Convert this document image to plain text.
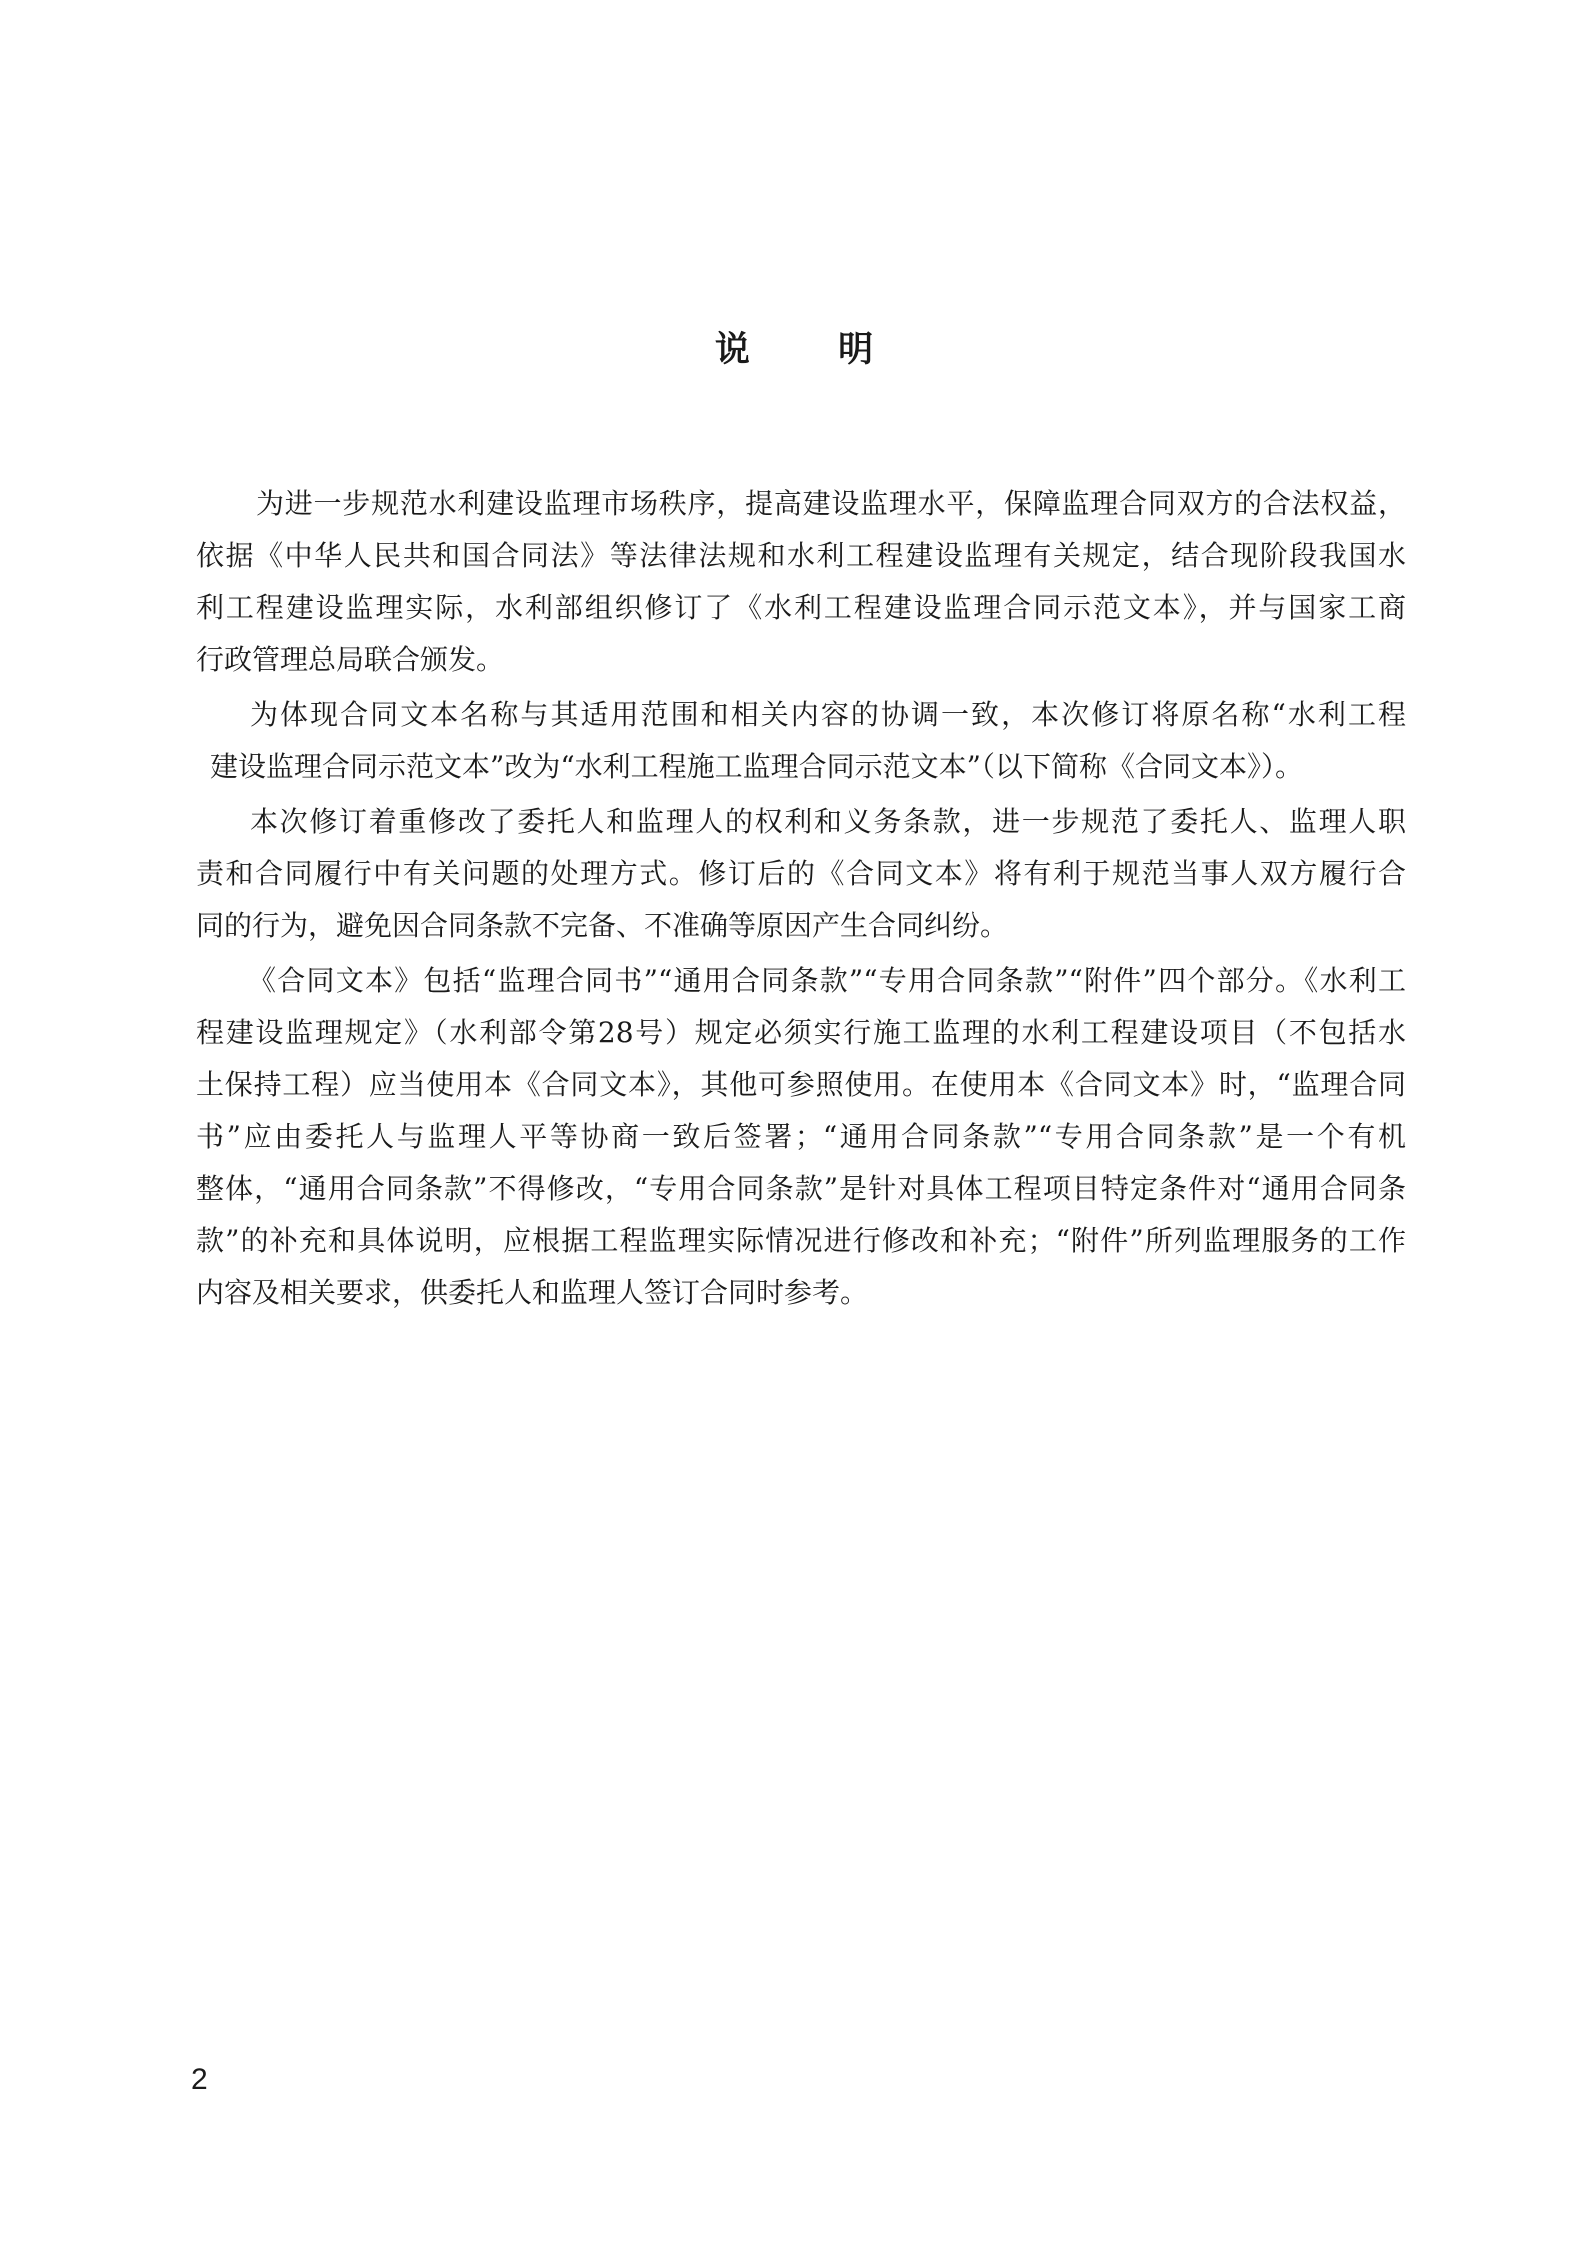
说 明

为进一步规范水利建设监理市场秩序，提高建设监理水平，保障监理合同双方的合法权益，

依据《中华人民共和国合同法》等法律法规和水利工程建设监理有关规定，结合现阶段我国水

利工程建设监理实际，水利部组织修订了《水利工程建设监理合同示范文本》，并与国家工商

行政管理总局联合颁发。

为体现合同文本名称与其适用范围和相关内容的协调一致，本次修订将原名称“水利工程

建设监理合同示范文本”改为“水利工程施工监理合同示范文本”（以下简称《合同文本》）。

本次修订着重修改了委托人和监理人的权利和义务条款，进一步规范了委托人、监理人职

责和合同履行中有关问题的处理方式。修订后的《合同文本》将有利于规范当事人双方履行合

同的行为，避免因合同条款不完备、不准确等原因产生合同纠纷。

《合同文本》包括“监理合同书”“通用合同条款”“专用合同条款”“附件”四个部分。《水利工

程建设监理规定》（水利部令第28号）规定必须实行施工监理的水利工程建设项目（不包括水

土保持工程）应当使用本《合同文本》，其他可参照使用。在使用本《合同文本》时，“监理合同

书”应由委托人与监理人平等协商一致后签署；“通用合同条款”“专用合同条款”是一个有机

整体，“通用合同条款”不得修改，“专用合同条款”是针对具体工程项目特定条件对“通用合同条

款”的补充和具体说明，应根据工程监理实际情况进行修改和补充；“附件”所列监理服务的工作

内容及相关要求，供委托人和监理人签订合同时参考。

2
